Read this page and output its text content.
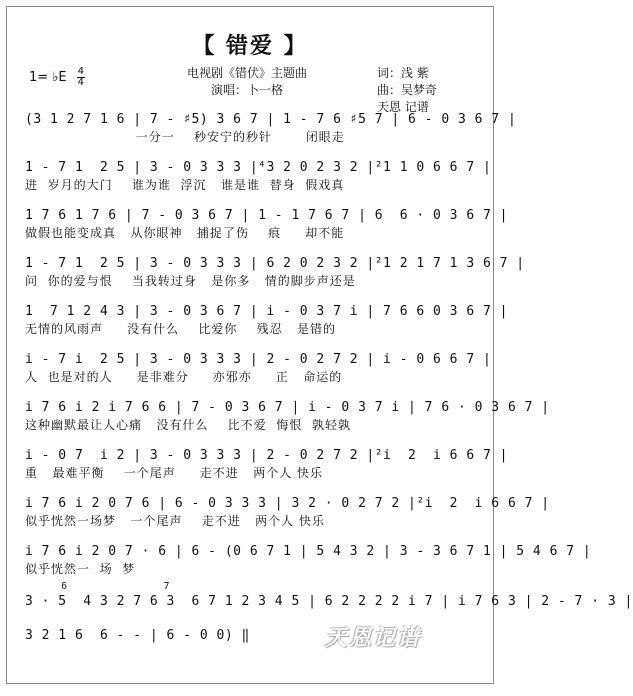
【 错爱 】
1= ♭E $\frac{4}{4}$	电视剧《错伏》主题曲
演唱：卜一格
词：浅 紫
曲：吴梦奇
天恩 记谱
(3 1 2 7 1 6 | 7 - ♯5) 3 6 7 | 1 - 7 6 ♯5 7 | 6 - 0 3 6 7 |
一分一    秒安宁的秒针       闭眼走
1 - 7 1  2 5 | 3 - 0 3 3 3 |⁴3 2 0 2 3 2 |²1 1 0 6 6 7 |
进  岁月的大门    谁为谁  浮沉   谁是谁  替身  假戏真
1 7 6 1 7 6 | 7 - 0 3 6 7 | 1 - 1 7 6 7 | 6  6 · 0 3 6 7 |
做假也能变成真   从你眼神   捕捉了伤    痕     却不能
1 - 7 1  2 5 | 3 - 0 3 3 3 | 6 2 0 2 3 2 |²1 2 1 7 1 3 6 7 |
问  你的爱与恨    当我转过身   是你多   情的脚步声还是
1  7 1 2 4 3 | 3 - 0 3 6 7 | i - 0 3 7 i | 7 6 6 0 3 6 7 |
无情的风雨声     没有什么    比爱你    残忍   是错的
i - 7 i  2 5 | 3 - 0 3 3 3 | 2 - 0 2 7 2 | i - 0 6 6 7 |
人  也是对的人     是非难分     亦邪亦     正   命运的
i 7 6 i 2 i 7 6 6 | 7 - 0 3 6 7 | i - 0 3 7 i | 7 6 · 0 3 6 7 |
这种幽默最让人心痛   没有什么    比不爱  悔恨  孰轻孰
i - 0 7  i 2 | 3 - 0 3 3 3 | 2 - 0 2 7 2 |²i  2  i 6 6 7 |
重   最难平衡    一个尾声     走不进   两个人 快乐
i 7 6 i 2 0 7 6 | 6 - 0 3 3 3 | 3 2 · 0 2 7 2 |²i  2  i 6 6 7 |
似乎恍然一场梦   一个尾声    走不进   两个人 快乐
i 7 6 i 2 0 7 · 6 | 6 - (0 6 7 1 | 5 4 3 2 | 3 - 3 6 7 1 | 5 4 6 7 |
似乎恍然一  场  梦
6                7
3 · 5  4 3 2 7 6 3  6 7 1 2 3 4 5 | 6 2 2 2 2 i 7 | i 7 6 3 | 2 - 7 · 3 |
3 2 1 6  6 - - | 6 - 0 0) ‖	天恩记谱
